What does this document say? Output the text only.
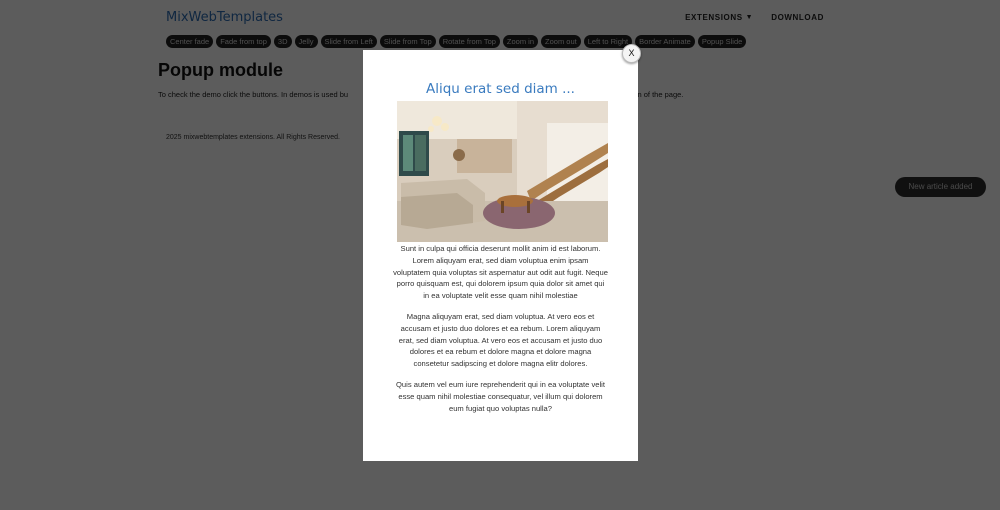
Aliqu erat sed diam ...

Sunt in culpa qui officia deserunt mollit anim id est laborum. Lorem aliquyam erat, sed diam voluptua enim ipsam voluptatem quia voluptas sit aspernatur aut odit aut fugit. Neque porro quisquam est, qui dolorem ipsum quia dolor sit amet qui in ea voluptate velit esse quam nihil molestiae

Magna aliquyam erat, sed diam voluptua. At vero eos et accusam et justo duo dolores et ea rebum. Lorem aliquyam erat, sed diam voluptua. At vero eos et accusam et justo duo dolores et ea rebum et dolore magna et dolore magna consetetur sadipscing et dolore magna elitr dolores.

Quis autem vel eum iure reprehenderit qui in ea voluptate velit esse quam nihil molestiae consequatur, vel illum qui dolorem eum fugiat quo voluptas nulla?

X
